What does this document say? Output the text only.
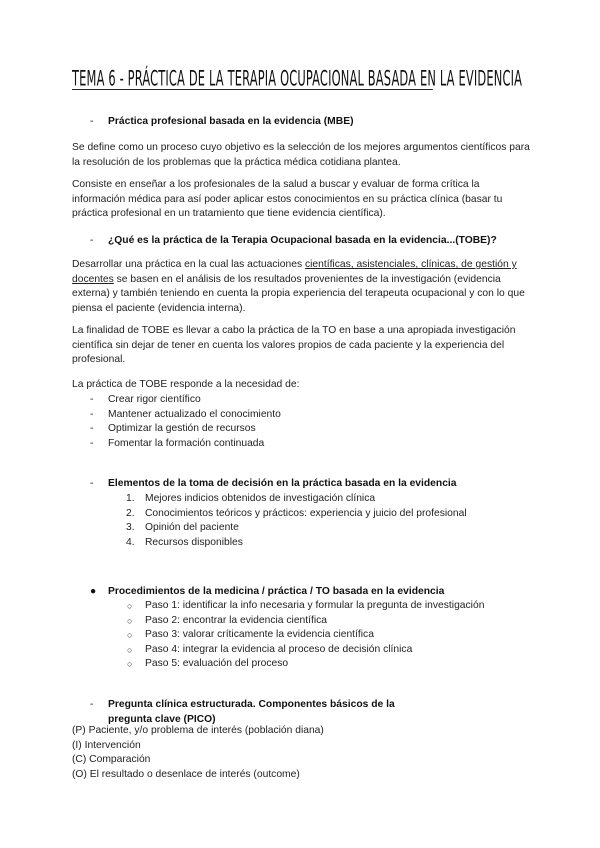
TEMA 6 - PRÁCTICA DE LA TERAPIA OCUPACIONAL BASADA EN LA EVIDENCIA
- Práctica profesional basada en la evidencia (MBE)

Se define como un proceso cuyo objetivo es la selección de los mejores argumentos científicos para la resolución de los problemas que la práctica médica cotidiana plantea.

Consiste en enseñar a los profesionales de la salud a buscar y evaluar de forma crítica la información médica para así poder aplicar estos conocimientos en su práctica clínica (basar tu práctica profesional en un tratamiento que tiene evidencia científica).

- ¿Qué es la práctica de la Terapia Ocupacional basada en la evidencia...(TOBE)?

Desarrollar una práctica en la cual las actuaciones científicas, asistenciales, clínicas, de gestión y docentes se basen en el análisis de los resultados provenientes de la investigación (evidencia externa) y también teniendo en cuenta la propia experiencia del terapeuta ocupacional y con lo que piensa el paciente (evidencia interna).

La finalidad de TOBE es llevar a cabo la práctica de la TO en base a una apropiada investigación científica sin dejar de tener en cuenta los valores propios de cada paciente y la experiencia del profesional.

La práctica de TOBE responde a la necesidad de:

- Crear rigor científico
- Mantener actualizado el conocimiento
- Optimizar la gestión de recursos
- Fomentar la formación continuada
- Elementos de la toma de decisión en la práctica basada en la evidencia
1. Mejores indicios obtenidos de investigación clínica
2. Conocimientos teóricos y prácticos: experiencia y juicio del profesional
3. Opinión del paciente
4. Recursos disponibles
● Procedimientos de la medicina / práctica / TO basada en la evidencia
○ Paso 1: identificar la info necesaria y formular la pregunta de investigación
○ Paso 2: encontrar la evidencia científica
○ Paso 3: valorar críticamente la evidencia científica
○ Paso 4: integrar la evidencia al proceso de decisión clínica
○ Paso 5: evaluación del proceso
- Pregunta clínica estructurada. Componentes básicos de la pregunta clave (PICO)
(P) Paciente, y/o problema de interés (población diana)
(I) Intervención
(C) Comparación
(O) El resultado o desenlace de interés (outcome)
